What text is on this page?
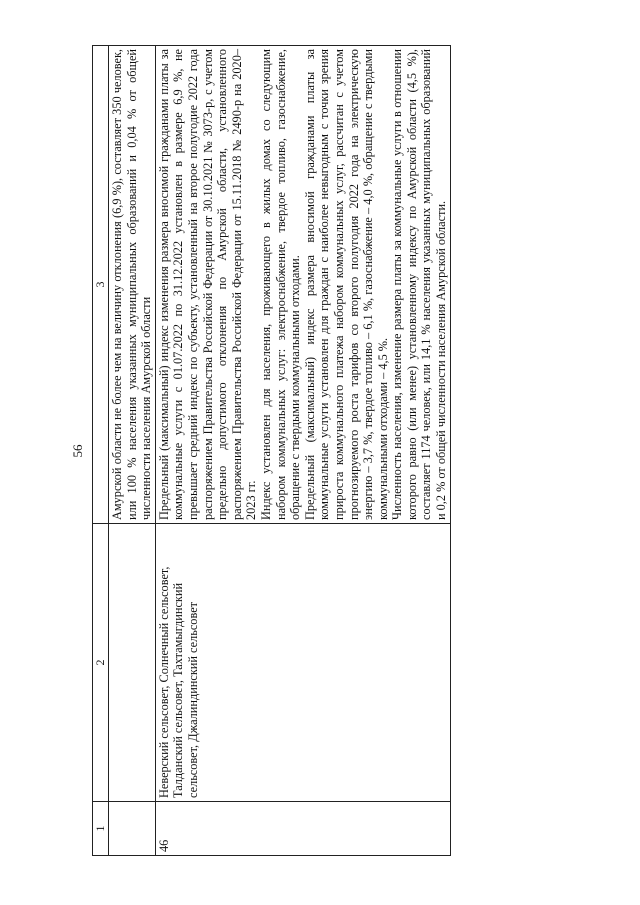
56
1	2	3

		Амурской области не более чем на величину отклонения (6,9 %), составляет 350 человек, или 100 % населения указанных муниципальных образований и 0,04 % от общей численности населения Амурской области

46	Неверский сельсовет, Солнечный сельсовет, Талданский сельсовет, Тахтамыгдинский сельсовет, Джалиндинский сельсовет	Предельный (максимальный) индекс изменения размера вносимой гражданами платы за коммунальные услуги с 01.07.2022 по 31.12.2022 установлен в размере 6,9 %, не превышает средний индекс по субъекту, установленный на второе полугодие 2022 года распоряжением Правительства Российской Федерации от 30.10.2021 № 3073-р, с учетом предельно допустимого отклонения по Амурской области, установленного распоряжением Правительства Российской Федерации от 15.11.2018 № 2490-р на 2020–2023 гг. Индекс установлен для населения, проживающего в жилых домах со следующим набором коммунальных услуг: электроснабжение, твердое топливо, газоснабжение, обращение с твердыми коммунальными отходами. Предельный (максимальный) индекс размера вносимой гражданами платы за коммунальные услуги установлен для граждан с наиболее невыгодным с точки зрения прироста коммунального платежа набором коммунальных услуг, рассчитан с учетом прогнозируемого роста тарифов со второго полугодия 2022 года на электрическую энергию – 3,7 %, твердое топливо – 6,1 %, газоснабжение – 4,0 %, обращение с твердыми коммунальными отходами – 4,5 %. Численность населения, изменение размера платы за коммунальные услуги в отношении которого равно (или менее) установленному индексу по Амурской области (4,5 %), составляет 1174 человек, или 14,1 % населения указанных муниципальных образований и 0,2 % от общей численности населения Амурской области.
